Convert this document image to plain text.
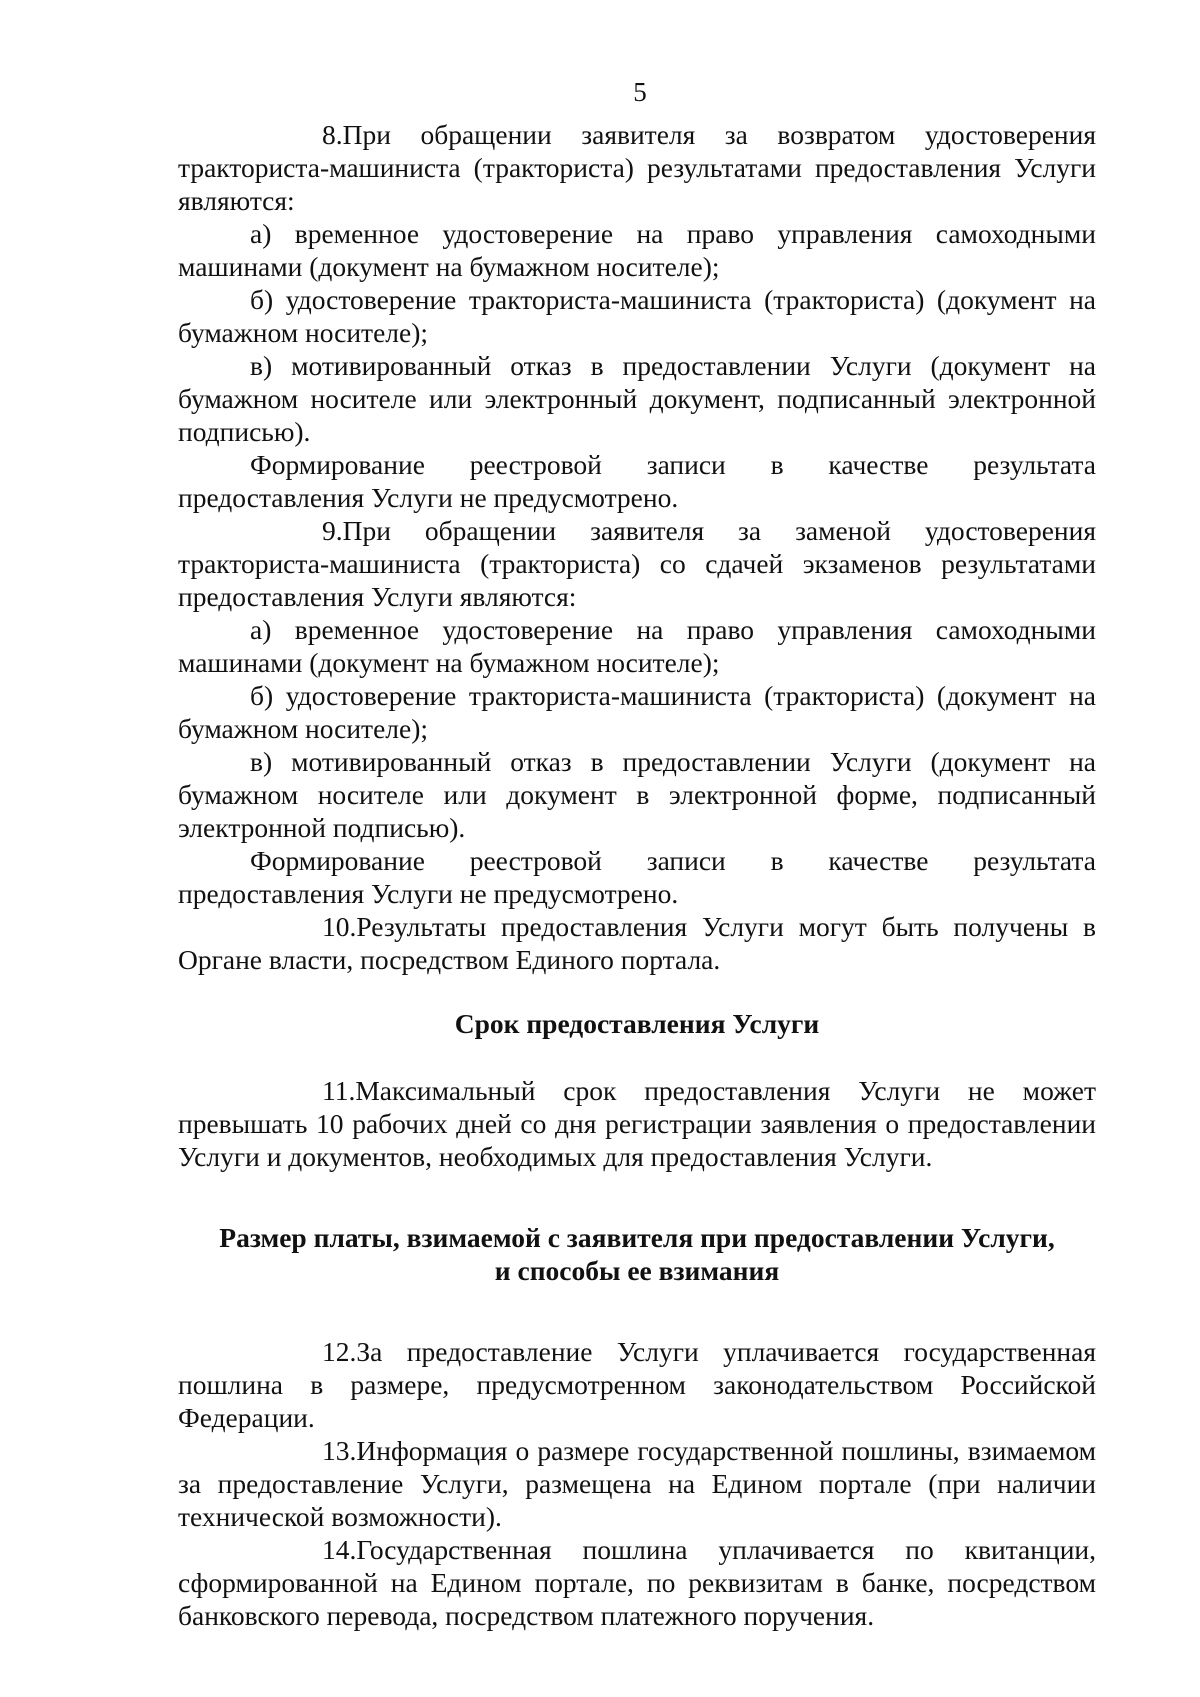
5

8.При обращении заявителя за возвратом удостоверения тракториста-машиниста (тракториста) результатами предоставления Услуги являются:

а) временное удостоверение на право управления самоходными машинами (документ на бумажном носителе);

б) удостоверение тракториста-машиниста (тракториста) (документ на бумажном носителе);

в) мотивированный отказ в предоставлении Услуги (документ на бумажном носителе или электронный документ, подписанный электронной подписью).

Формирование реестровой записи в качестве результата предоставления Услуги не предусмотрено.

9.При обращении заявителя за заменой удостоверения тракториста-машиниста (тракториста) со сдачей экзаменов результатами предоставления Услуги являются:

а) временное удостоверение на право управления самоходными машинами (документ на бумажном носителе);

б) удостоверение тракториста-машиниста (тракториста) (документ на бумажном носителе);

в) мотивированный отказ в предоставлении Услуги (документ на бумажном носителе или документ в электронной форме, подписанный электронной подписью).

Формирование реестровой записи в качестве результата предоставления Услуги не предусмотрено.

10.Результаты предоставления Услуги могут быть получены в Органе власти, посредством Единого портала.

Срок предоставления Услуги

11.Максимальный срок предоставления Услуги не может превышать 10 рабочих дней со дня регистрации заявления о предоставлении Услуги и документов, необходимых для предоставления Услуги.

Размер платы, взимаемой с заявителя при предоставлении Услуги,
и способы ее взимания

12.За предоставление Услуги уплачивается государственная пошлина в размере, предусмотренном законодательством Российской Федерации.

13.Информация о размере государственной пошлины, взимаемом за предоставление Услуги, размещена на Едином портале (при наличии технической возможности).

14.Государственная пошлина уплачивается по квитанции, сформированной на Едином портале, по реквизитам в банке, посредством банковского перевода, посредством платежного поручения.
